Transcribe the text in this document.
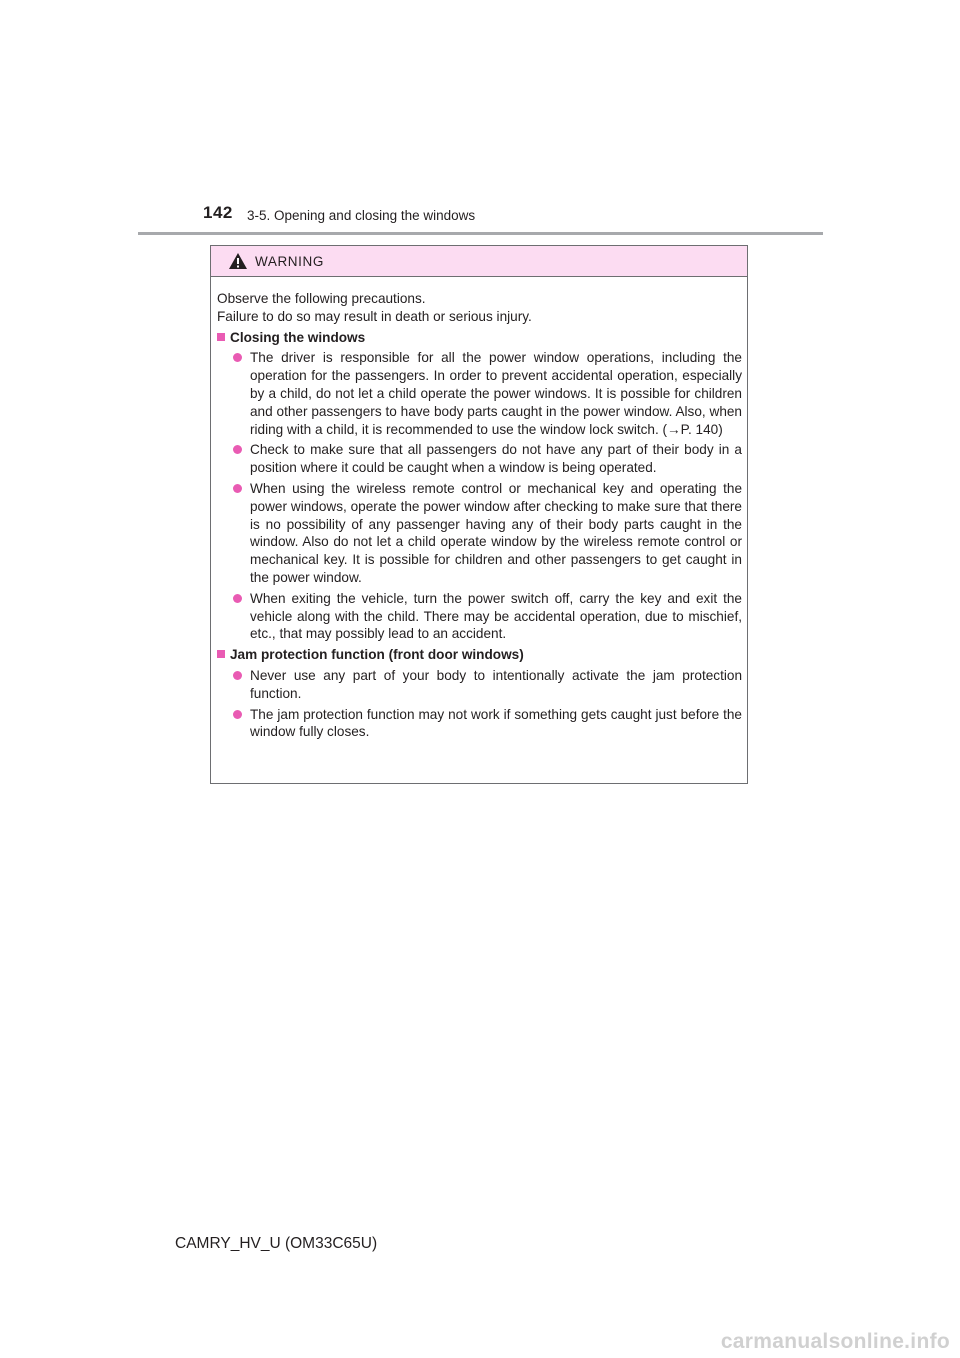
142 3-5. Opening and closing the windows
WARNING

Observe the following precautions.

Failure to do so may result in death or serious injury.

Closing the windows
The driver is responsible for all the power window operations, including the operation for the passengers. In order to prevent accidental operation, especially by a child, do not let a child operate the power windows. It is possible for children and other passengers to have body parts caught in the power window. Also, when riding with a child, it is recommended to use the window lock switch. (→P. 140)
Check to make sure that all passengers do not have any part of their body in a position where it could be caught when a window is being operated.
When using the wireless remote control or mechanical key and operating the power windows, operate the power window after checking to make sure that there is no possibility of any passenger having any of their body parts caught in the window. Also do not let a child operate window by the wireless remote control or mechanical key. It is possible for children and other passengers to get caught in the power window.
When exiting the vehicle, turn the power switch off, carry the key and exit the vehicle along with the child. There may be accidental operation, due to mischief, etc., that may possibly lead to an accident.
Jam protection function (front door windows)
Never use any part of your body to intentionally activate the jam protection function.
The jam protection function may not work if something gets caught just before the window fully closes.
CAMRY_HV_U (OM33C65U)
carmanualsonline.info
